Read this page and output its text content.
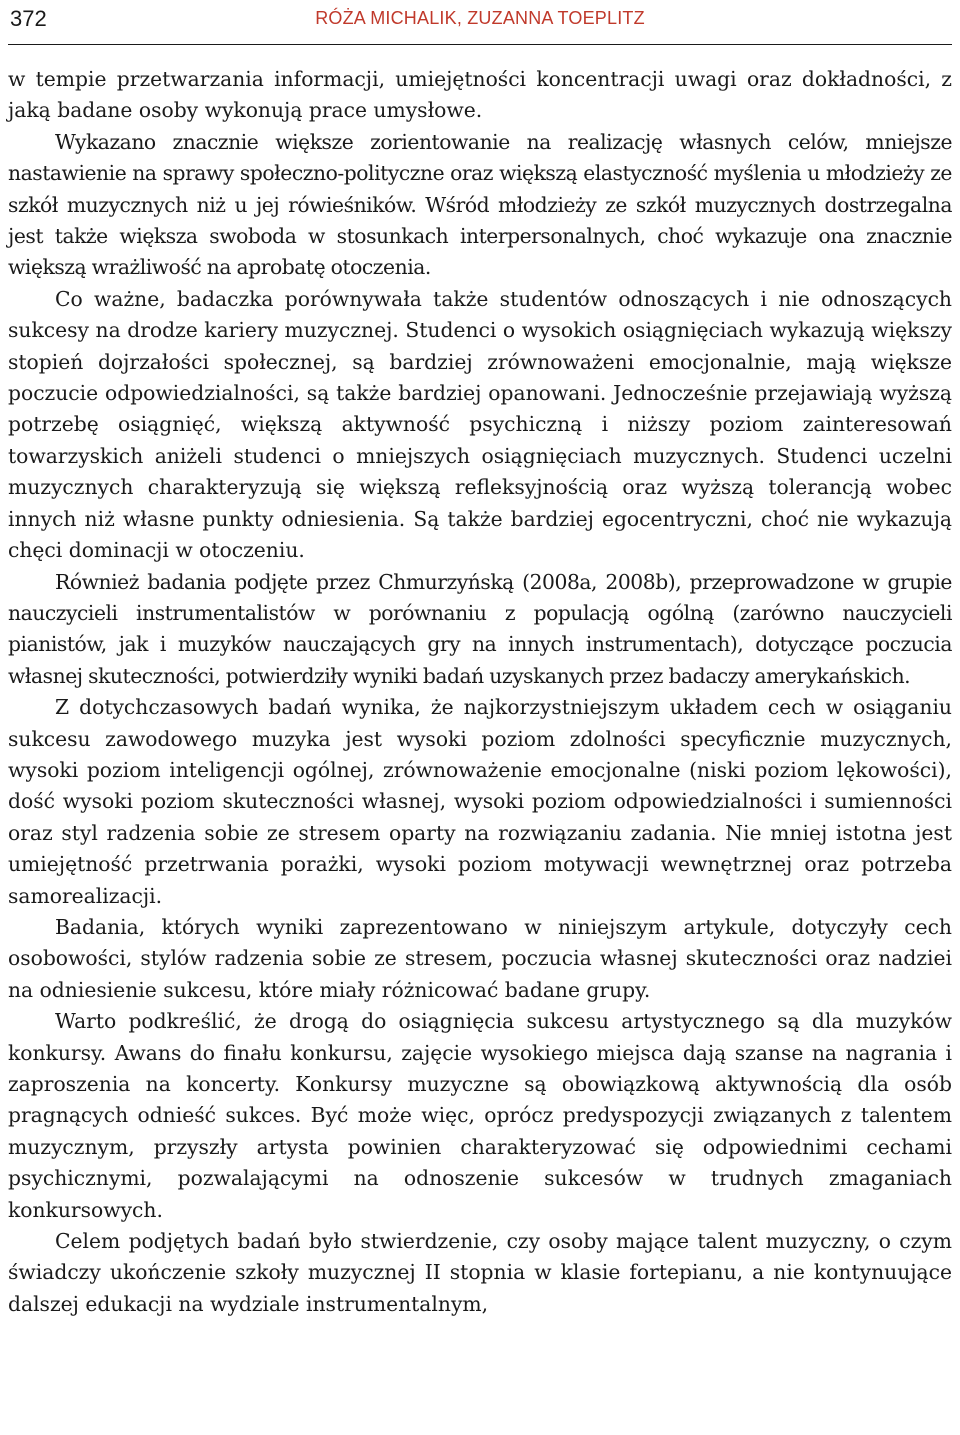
372	RÓŻA MICHALIK, ZUZANNA TOEPLITZ

w tempie przetwarzania informacji, umiejętności koncentracji uwagi oraz dokładności, z jaką badane osoby wykonują prace umysłowe.

Wykazano znacznie większe zorientowanie na realizację własnych celów, mniejsze nastawienie na sprawy społeczno-polityczne oraz większą elastyczność myślenia u młodzieży ze szkół muzycznych niż u jej rówieśników. Wśród młodzieży ze szkół muzycznych dostrzegalna jest także większa swoboda w stosunkach interpersonalnych, choć wykazuje ona znacznie większą wrażliwość na aprobatę otoczenia.

Co ważne, badaczka porównywała także studentów odnoszących i nie odnoszących sukcesy na drodze kariery muzycznej. Studenci o wysokich osiągnięciach wykazują większy stopień dojrzałości społecznej, są bardziej zrównoważeni emocjonalnie, mają większe poczucie odpowiedzialności, są także bardziej opanowani. Jednocześnie przejawiają wyższą potrzebę osiągnięć, większą aktywność psychiczną i niższy poziom zainteresowań towarzyskich aniżeli studenci o mniejszych osiągnięciach muzycznych. Studenci uczelni muzycznych charakteryzują się większą refleksyjnością oraz wyższą tolerancją wobec innych niż własne punkty odniesienia. Są także bardziej egocentryczni, choć nie wykazują chęci dominacji w otoczeniu.

Również badania podjęte przez Chmurzyńską (2008a, 2008b), przeprowadzone w grupie nauczycieli instrumentalistów w porównaniu z populacją ogólną (zarówno nauczycieli pianistów, jak i muzyków nauczających gry na innych instrumentach), dotyczące poczucia własnej skuteczności, potwierdziły wyniki badań uzyskanych przez badaczy amerykańskich.

Z dotychczasowych badań wynika, że najkorzystniejszym układem cech w osiąganiu sukcesu zawodowego muzyka jest wysoki poziom zdolności specyficznie muzycznych, wysoki poziom inteligencji ogólnej, zrównoważenie emocjonalne (niski poziom lękowości), dość wysoki poziom skuteczności własnej, wysoki poziom odpowiedzialności i sumienności oraz styl radzenia sobie ze stresem oparty na rozwiązaniu zadania. Nie mniej istotna jest umiejętność przetrwania porażki, wysoki poziom motywacji wewnętrznej oraz potrzeba samorealizacji.

Badania, których wyniki zaprezentowano w niniejszym artykule, dotyczyły cech osobowości, stylów radzenia sobie ze stresem, poczucia własnej skuteczności oraz nadziei na odniesienie sukcesu, które miały różnicować badane grupy.

Warto podkreślić, że drogą do osiągnięcia sukcesu artystycznego są dla muzyków konkursy. Awans do finału konkursu, zajęcie wysokiego miejsca dają szanse na nagrania i zaproszenia na koncerty. Konkursy muzyczne są obowiązkową aktywnością dla osób pragnących odnieść sukces. Być może więc, oprócz predyspozycji związanych z talentem muzycznym, przyszły artysta powinien charakteryzować się odpowiednimi cechami psychicznymi, pozwalającymi na odnoszenie sukcesów w trudnych zmaganiach konkursowych.

Celem podjętych badań było stwierdzenie, czy osoby mające talent muzyczny, o czym świadczy ukończenie szkoły muzycznej II stopnia w klasie fortepianu, a nie kontynuujące dalszej edukacji na wydziale instrumentalnym,
